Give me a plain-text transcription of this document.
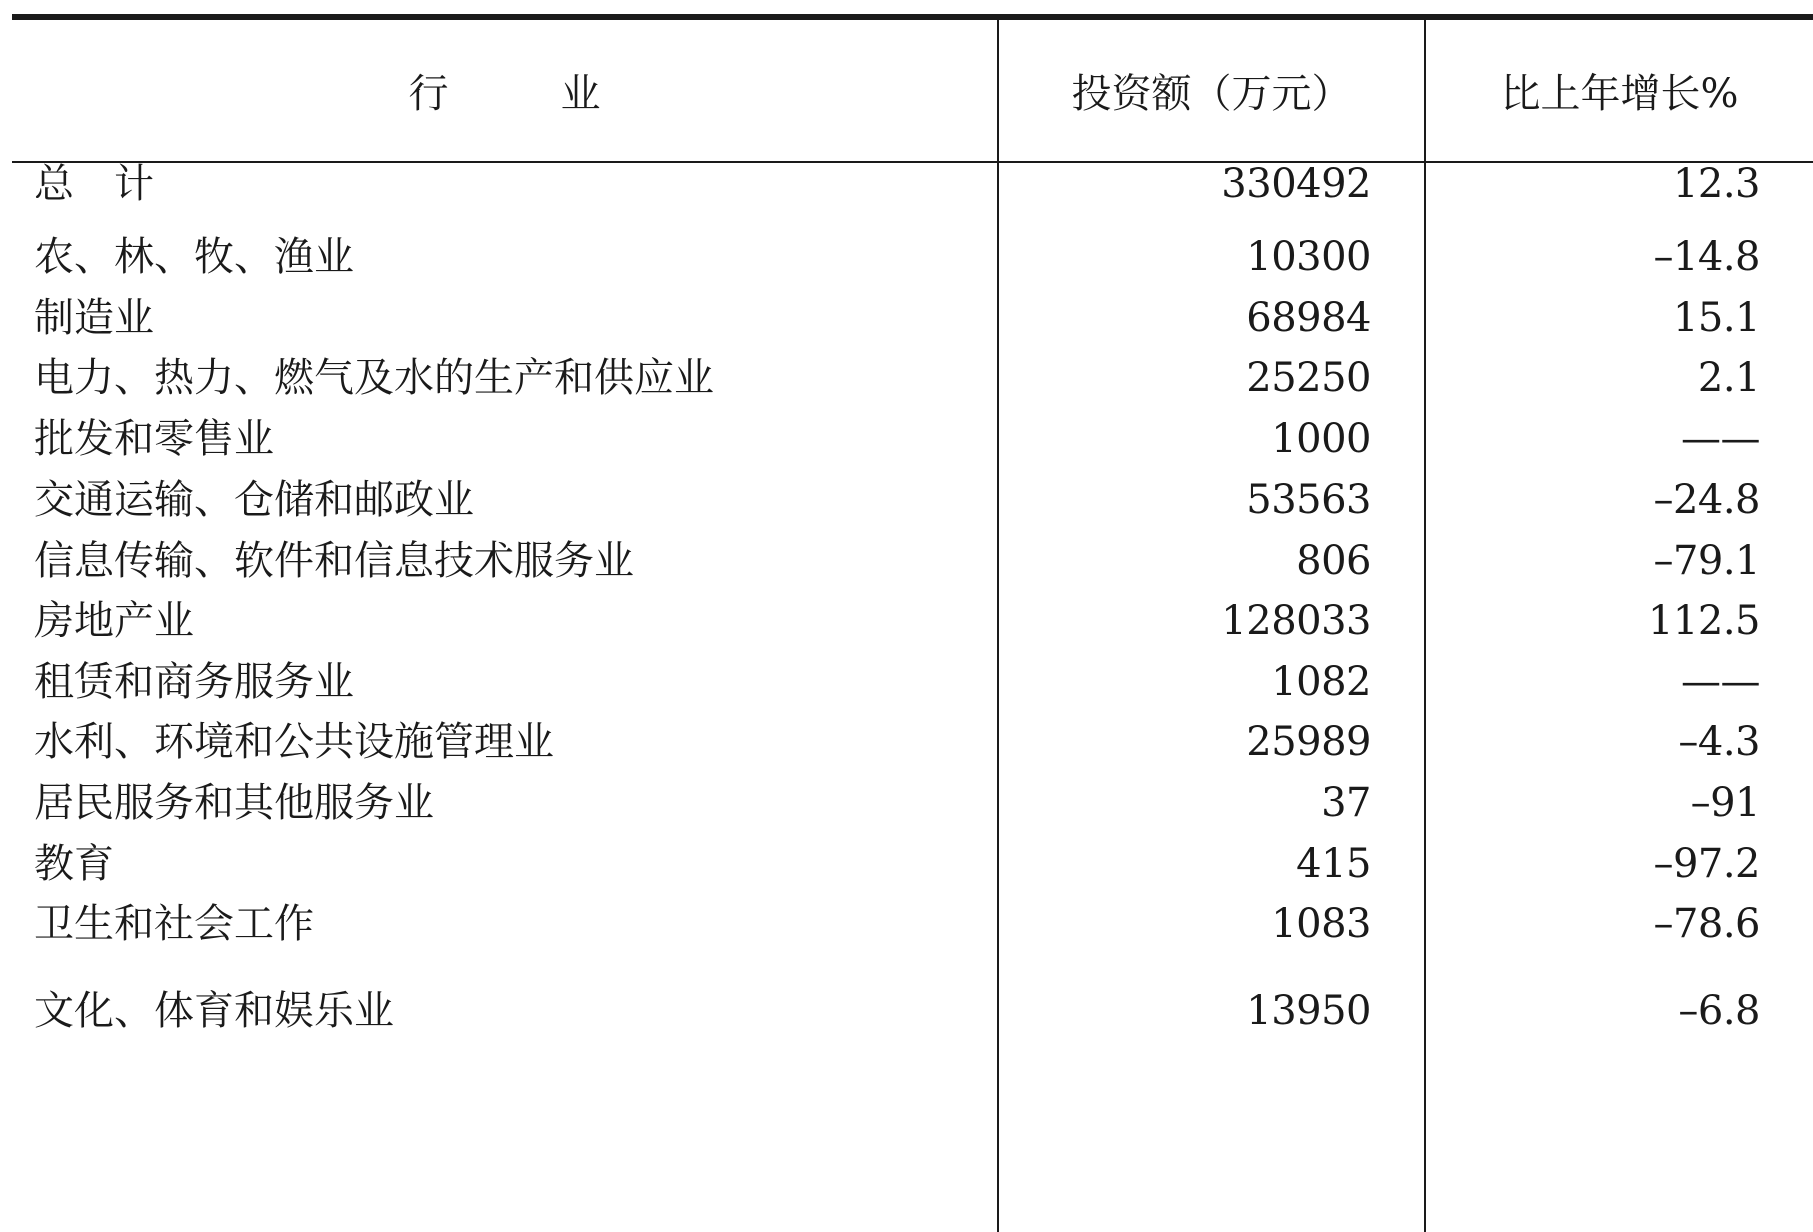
行　业	投资额（万元）	比上年增长%
总　计	330492	12.3
农、林、牧、渔业	10300	–14.8
制造业	68984	15.1
电力、热力、燃气及水的生产和供应业	25250	2.1
批发和零售业	1000	——
交通运输、仓储和邮政业	53563	–24.8
信息传输、软件和信息技术服务业	806	–79.1
房地产业	128033	112.5
租赁和商务服务业	1082	——
水利、环境和公共设施管理业	25989	–4.3
居民服务和其他服务业	37	–91
教育	415	–97.2
卫生和社会工作	1083	–78.6
文化、体育和娱乐业	13950	–6.8
